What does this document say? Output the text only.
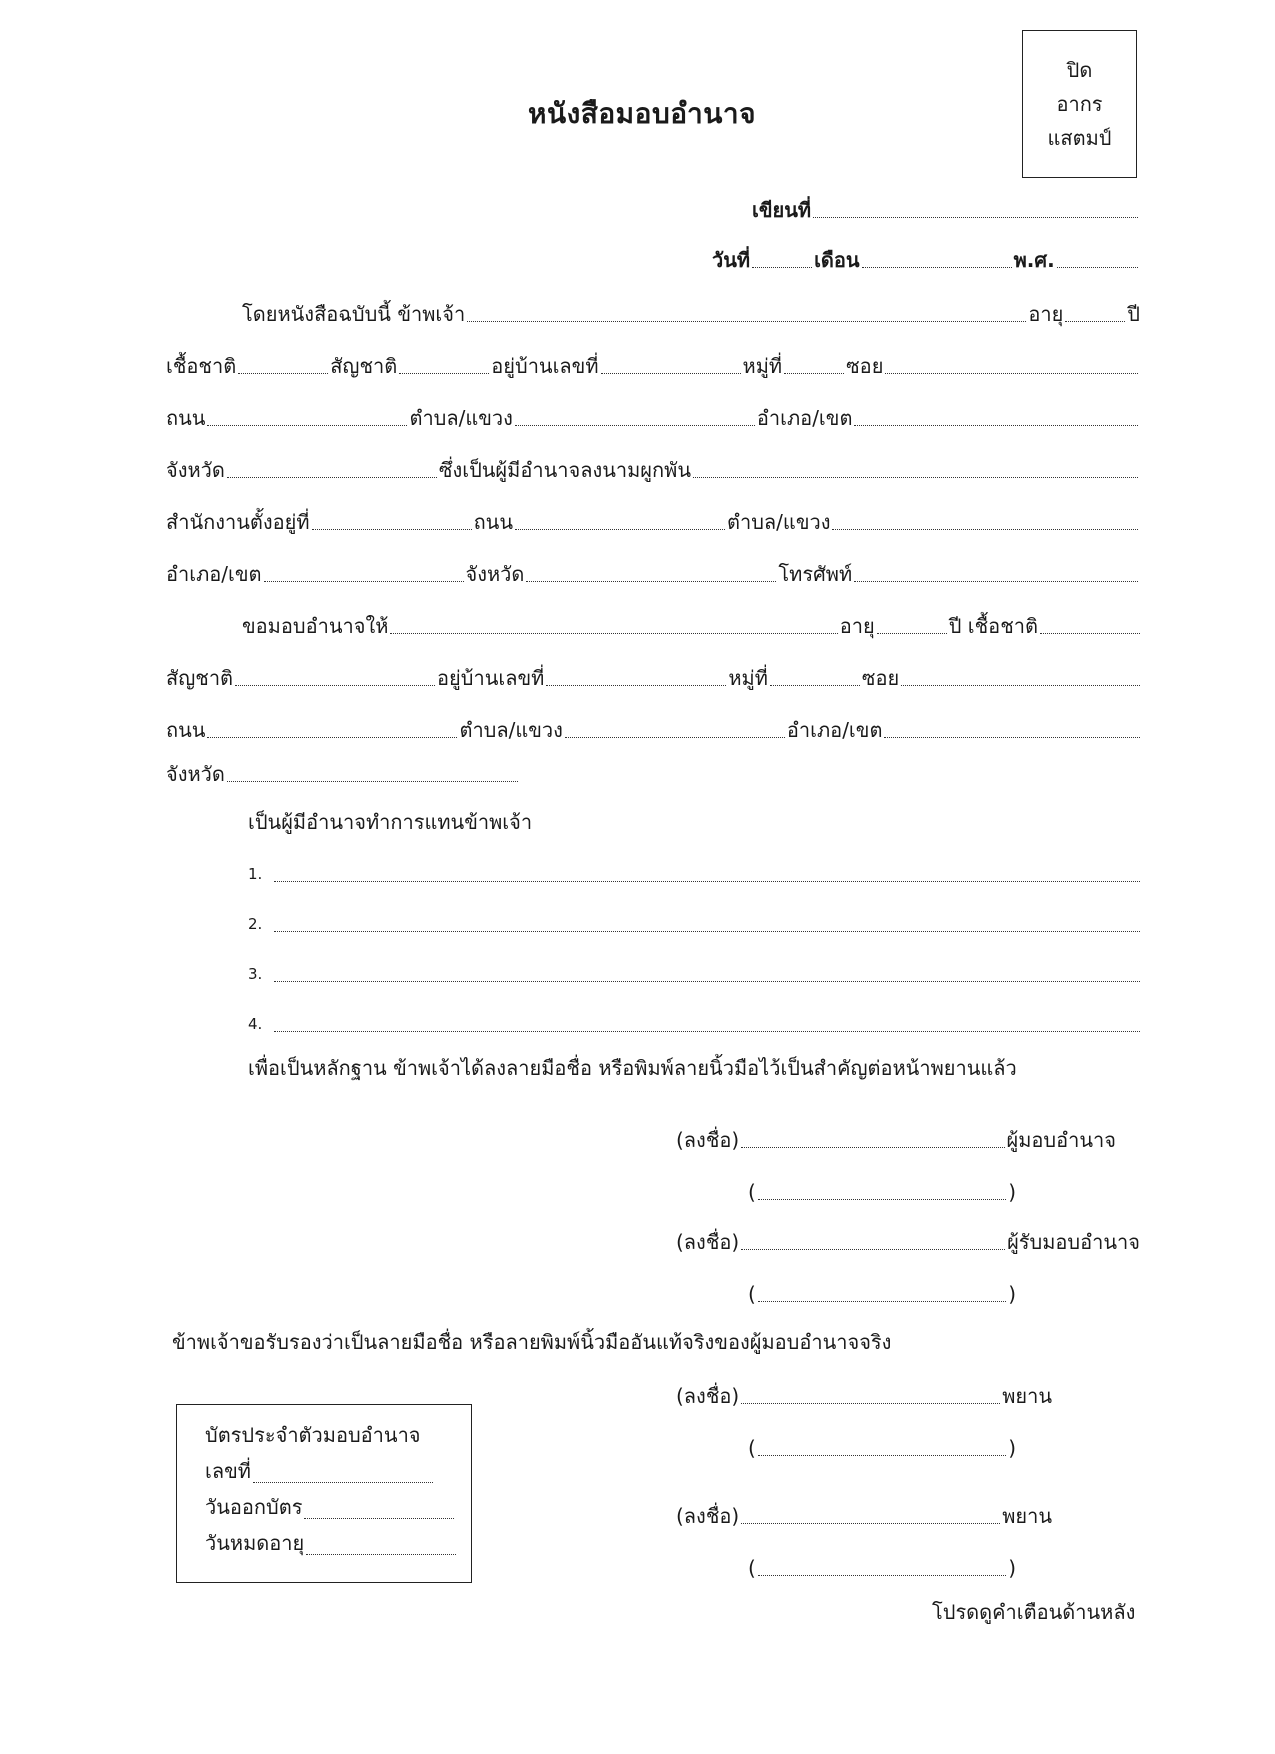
หนังสือมอบอำนาจ
ปิด
อากร
แสตมป์
เขียนที่
วันที่	เดือน	พ.ศ.
โดยหนังสือฉบับนี้ ข้าพเจ้า	อายุ	ปี
เชื้อชาติ	สัญชาติ	อยู่บ้านเลขที่	หมู่ที่	ซอย
ถนน	ตำบล/แขวง	อำเภอ/เขต
จังหวัด	ซึ่งเป็นผู้มีอำนาจลงนามผูกพัน
สำนักงานตั้งอยู่ที่	ถนน	ตำบล/แขวง
อำเภอ/เขต	จังหวัด	โทรศัพท์
ขอมอบอำนาจให้	อายุ	ปี เชื้อชาติ
สัญชาติ	อยู่บ้านเลขที่	หมู่ที่	ซอย
ถนน	ตำบล/แขวง	อำเภอ/เขต
จังหวัด
เป็นผู้มีอำนาจทำการแทนข้าพเจ้า
1.
2.
3.
4.
เพื่อเป็นหลักฐาน ข้าพเจ้าได้ลงลายมือชื่อ หรือพิมพ์ลายนิ้วมือไว้เป็นสำคัญต่อหน้าพยานแล้ว
(ลงชื่อ)	ผู้มอบอำนาจ
(	)
(ลงชื่อ)	ผู้รับมอบอำนาจ
(	)
ข้าพเจ้าขอรับรองว่าเป็นลายมือชื่อ หรือลายพิมพ์นิ้วมืออันแท้จริงของผู้มอบอำนาจจริง
(ลงชื่อ)	พยาน
(	)
(ลงชื่อ)	พยาน
(	)
บัตรประจำตัวมอบอำนาจ
เลขที่
วันออกบัตร
วันหมดอายุ
โปรดดูคำเตือนด้านหลัง
